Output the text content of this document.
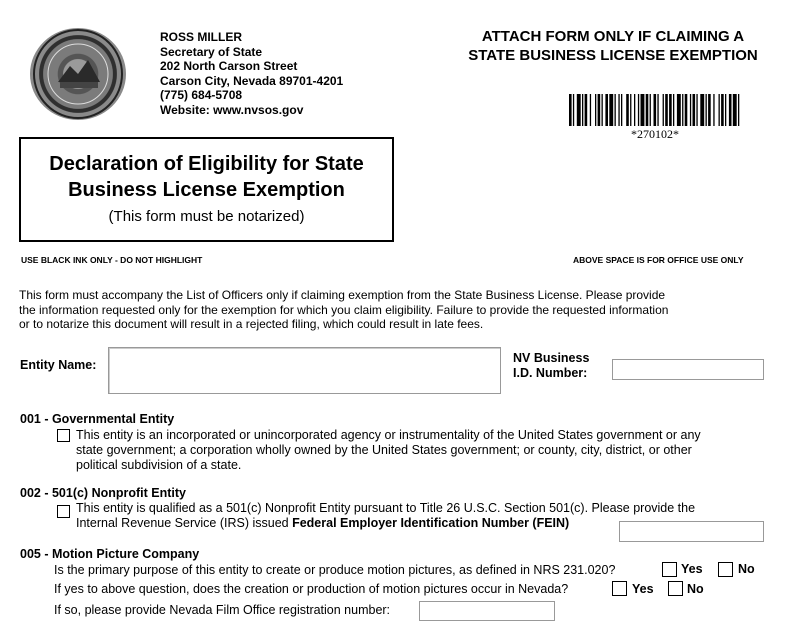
ROSS MILLER
Secretary of State
202 North Carson Street
Carson City, Nevada 89701-4201
(775) 684-5708
Website: www.nvsos.gov
ATTACH FORM ONLY IF CLAIMING A
STATE BUSINESS LICENSE EXEMPTION
*270102*
Declaration of Eligibility for State
Business License Exemption
(This form must be notarized)
USE BLACK INK ONLY - DO NOT HIGHLIGHT	ABOVE SPACE IS FOR OFFICE USE ONLY
This form must accompany the List of Officers only if claiming exemption from the State Business License. Please provide
the information requested only for the exemption for which you claim eligibility. Failure to provide the requested information
or to notarize this document will result in a rejected filing, which could result in late fees.
Entity Name:	NV Business
I.D. Number:
001 - Governmental Entity
This entity is an incorporated or unincorporated agency or instrumentality of the United States government or any
state government; a corporation wholly owned by the United States government; or county, city, district, or other
political subdivision of a state.
002 - 501(c) Nonprofit Entity
This entity is qualified as a 501(c) Nonprofit Entity pursuant to Title 26 U.S.C. Section 501(c). Please provide the
Internal Revenue Service (IRS) issued Federal Employer Identification Number (FEIN)
005 - Motion Picture Company
Is the primary purpose of this entity to create or produce motion pictures, as defined in NRS 231.020?	Yes	No
If yes to above question, does the creation or production of motion pictures occur in Nevada?	Yes	No
If so, please provide Nevada Film Office registration number:
